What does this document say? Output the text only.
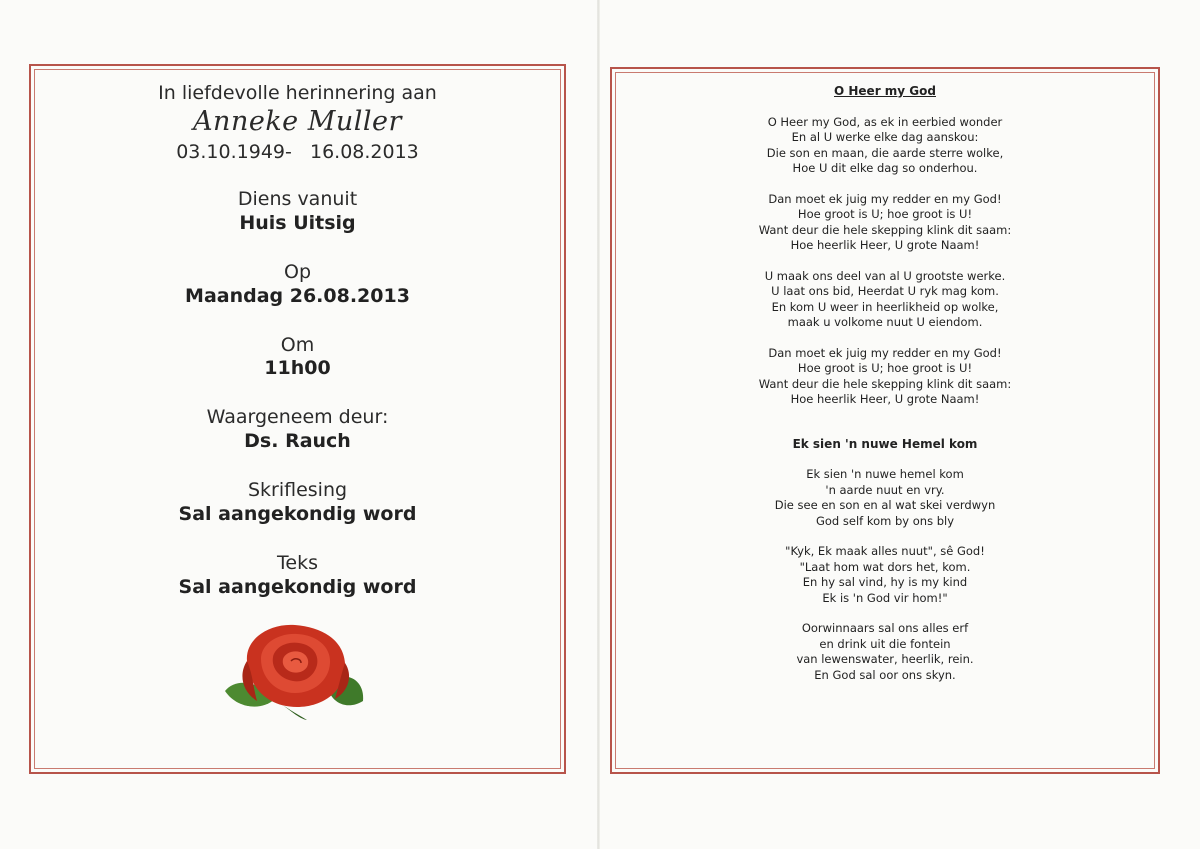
In liefdevolle herinnering aan
Anneke Muller
03.10.1949-   16.08.2013
Diens vanuit
Huis Uitsig
Op
Maandag 26.08.2013
Om
11h00
Waargeneem deur:
Ds. Rauch
Skriflesing
Sal aangekondig word
Teks
Sal aangekondig word
O Heer my God
O Heer my God, as ek in eerbied wonder
En al U werke elke dag aanskou:
Die son en maan, die aarde sterre wolke,
Hoe U dit elke dag so onderhou.
Dan moet ek juig my redder en my God!
Hoe groot is U; hoe groot is U!
Want deur die hele skepping klink dit saam:
Hoe heerlik Heer, U grote Naam!
U maak ons deel van al U grootste werke.
U laat ons bid, Heerdat U ryk mag kom.
En kom U weer in heerlikheid op wolke,
maak u volkome nuut U eiendom.
Dan moet ek juig my redder en my God!
Hoe groot is U; hoe groot is U!
Want deur die hele skepping klink dit saam:
Hoe heerlik Heer, U grote Naam!
Ek sien 'n nuwe Hemel kom
Ek sien 'n nuwe hemel kom
'n aarde nuut en vry.
Die see en son en al wat skei verdwyn
God self kom by ons bly
"Kyk, Ek maak alles nuut", sê God!
"Laat hom wat dors het, kom.
En hy sal vind, hy is my kind
Ek is 'n God vir hom!"
Oorwinnaars sal ons alles erf
en drink uit die fontein
van lewenswater, heerlik, rein.
En God sal oor ons skyn.
